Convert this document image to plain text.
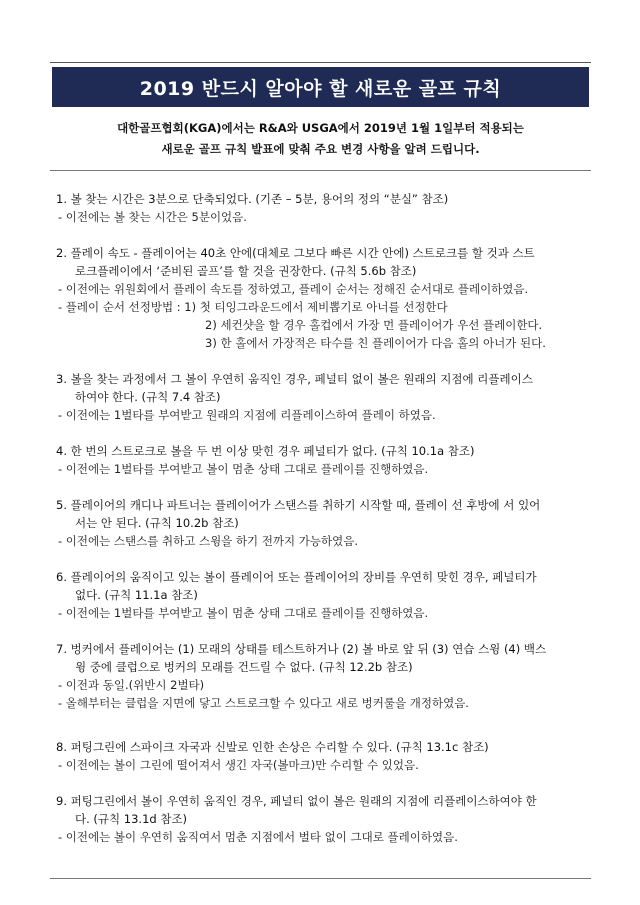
2019 반드시 알아야 할 새로운 골프 규칙
대한골프협회(KGA)에서는 R&A와 USGA에서 2019년 1월 1일부터 적용되는
새로운 골프 규칙 발표에 맞춰 주요 변경 사항을 알려 드립니다.
1. 볼 찾는 시간은 3분으로 단축되었다. (기존 – 5분, 용어의 정의 “분실” 참조)
- 이전에는 볼 찾는 시간은 5분이었음.
2. 플레이 속도 - 플레이어는 40초 안에(대체로 그보다 빠른 시간 안에) 스트로크를 할 것과 스트
로크플레이에서 ‘준비된 골프’를 할 것을 권장한다. (규칙 5.6b 참조)
- 이전에는 위원회에서 플레이 속도를 정하였고, 플레이 순서는 정해진 순서대로 플레이하였음.
- 플레이 순서 선정방법 : 1) 첫 티잉그라운드에서 제비뽑기로 아너를 선정한다
2) 세컨샷을 할 경우 홀컵에서 가장 먼 플레이어가 우선 플레이한다.
3) 한 홀에서 가장적은 타수를 친 플레이어가 다음 홀의 아너가 된다.
3. 볼을 찾는 과정에서 그 볼이 우연히 움직인 경우, 페널티 없이 볼은 원래의 지점에 리플레이스
하여야 한다. (규칙 7.4 참조)
- 이전에는 1벌타를 부여받고 원래의 지점에 리플레이스하여 플레이 하였음.
4. 한 번의 스트로크로 볼을 두 번 이상 맞힌 경우 페널티가 없다. (규칙 10.1a 참조)
- 이전에는 1벌타를 부여받고 볼이 멈춘 상태 그대로 플레이를 진행하였음.
5. 플레이어의 캐디나 파트너는 플레이어가 스탠스를 취하기 시작할 때, 플레이 선 후방에 서 있어
서는 안 된다. (규칙 10.2b 참조)
- 이전에는 스탠스를 취하고 스윙을 하기 전까지 가능하였음.
6. 플레이어의 움직이고 있는 볼이 플레이어 또는 플레이어의 장비를 우연히 맞힌 경우, 페널티가
없다. (규칙 11.1a 참조)
- 이전에는 1벌타를 부여받고 볼이 멈춘 상태 그대로 플레이를 진행하였음.
7. 벙커에서 플레이어는 (1) 모래의 상태를 테스트하거나 (2) 볼 바로 앞 뒤 (3) 연습 스윙 (4) 백스
윙 중에 클럽으로 벙커의 모래를 건드릴 수 없다. (규칙 12.2b 참조)
- 이전과 동일.(위반시 2벌타)
- 올해부터는 클럽을 지면에 닿고 스트로크할 수 있다고 새로 벙커룰을 개정하였음.
8. 퍼팅그린에 스파이크 자국과 신발로 인한 손상은 수리할 수 있다. (규칙 13.1c 참조)
- 이전에는 볼이 그린에 떨어져서 생긴 자국(볼마크)만 수리할 수 있었음.
9. 퍼팅그린에서 볼이 우연히 움직인 경우, 페널티 없이 볼은 원래의 지점에 리플레이스하여야 한
다. (규칙 13.1d 참조)
- 이전에는 볼이 우연히 움직여서 멈춘 지점에서 벌타 없이 그대로 플레이하였음.
